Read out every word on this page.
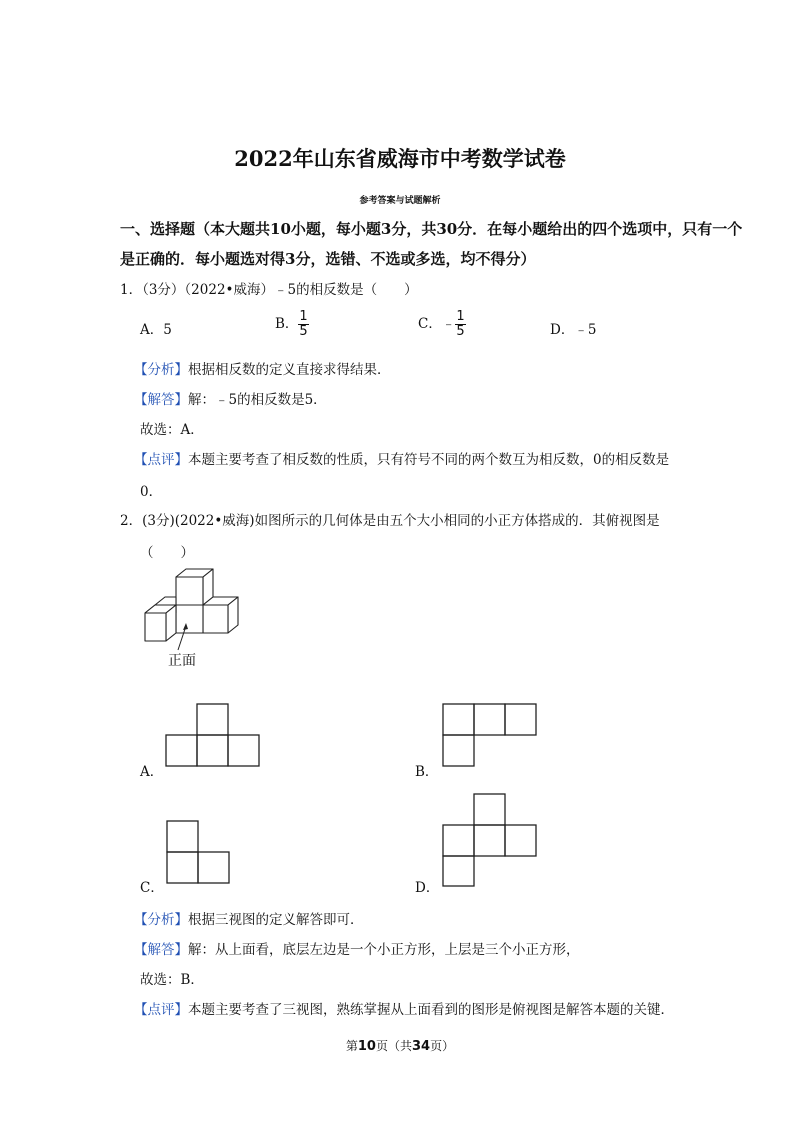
2022年山东省威海市中考数学试卷
参考答案与试题解析
一、选择题（本大题共10小题，每小题3分，共30分．在每小题给出的四个选项中，只有一个
是正确的．每小题选对得3分，选错、不选或多选，均不得分）
1．（3分）（2022•威海）﹣5的相反数是（　　）
A．5	B． $\frac{1}{5}$	C．﹣ $\frac{1}{5}$	D．﹣5
【分析】根据相反数的定义直接求得结果．
【解答】解：﹣5的相反数是5．
故选：A．
【点评】本题主要考查了相反数的性质，只有符号不同的两个数互为相反数，0的相反数是
0．
2．(3分)(2022•威海)如图所示的几何体是由五个大小相同的小正方体搭成的．其俯视图是
（　　）
正面
A．	B．
C．	D．
【分析】根据三视图的定义解答即可．
【解答】解：从上面看，底层左边是一个小正方形，上层是三个小正方形，
故选：B．
【点评】本题主要考查了三视图，熟练掌握从上面看到的图形是俯视图是解答本题的关键．
第10页（共34页）
